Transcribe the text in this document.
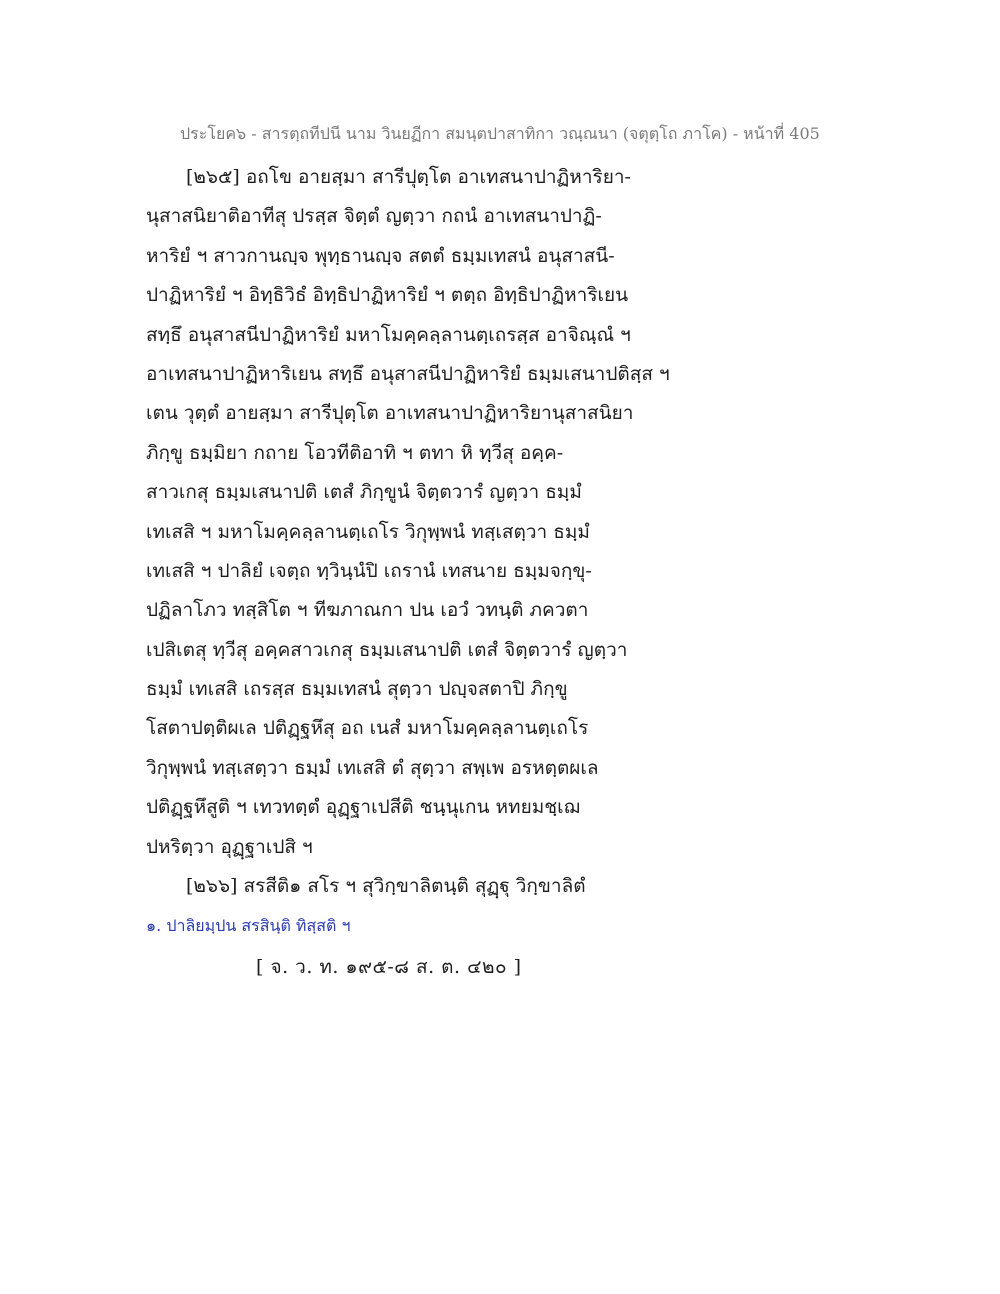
ประโยค๖ - สารตฺถทีปนี นาม วินยฏีกา สมนฺตปาสาทิกา วณฺณนา (จตุตฺโถ ภาโค) - หน้าที่ 405
[๒๖๕] อถโข อายสฺมา สารีปุตฺโต อาเทสนาปาฏิหาริยา-
นุสาสนิยาติอาทีสุ ปรสฺส จิตฺตํ ญตฺวา กถนํ อาเทสนาปาฏิ-
หาริยํ ฯ สาวกานญฺจ พุทฺธานญฺจ สตตํ ธมฺมเทสนํ อนุสาสนี-
ปาฏิหาริยํ ฯ อิทฺธิวิธํ อิทฺธิปาฏิหาริยํ ฯ ตตฺถ อิทฺธิปาฏิหาริเยน
สทฺธึ อนุสาสนีปาฏิหาริยํ มหาโมคฺคลฺลานตฺเถรสฺส อาจิณฺณํ ฯ
อาเทสนาปาฏิหาริเยน สทฺธึ อนุสาสนีปาฏิหาริยํ ธมฺมเสนาปติสฺส ฯ
เตน วุตฺตํ อายสฺมา สารีปุตฺโต อาเทสนาปาฏิหาริยานุสาสนิยา
ภิกฺขู ธมฺมิยา กถาย โอวทีติอาทิ ฯ ตทา หิ ทฺวีสุ อคฺค-
สาวเกสุ ธมฺมเสนาปติ เตสํ ภิกฺขูนํ จิตฺตวารํ ญตฺวา ธมฺมํ
เทเสสิ ฯ มหาโมคฺคลฺลานตฺเถโร วิกุพฺพนํ ทสฺเสตฺวา ธมฺมํ
เทเสสิ ฯ ปาลิยํ เจตฺถ ทฺวินฺนํปิ เถรานํ เทสนาย ธมฺมจกฺขุ-
ปฏิลาโภว ทสฺสิโต ฯ ทีฆภาณกา ปน เอวํ วทนฺติ ภควตา
เปสิเตสุ ทฺวีสุ อคฺคสาวเกสุ ธมฺมเสนาปติ เตสํ จิตฺตวารํ ญตฺวา
ธมฺมํ เทเสสิ เถรสฺส ธมฺมเทสนํ สุตฺวา ปญฺจสตาปิ ภิกฺขู
โสตาปตฺติผเล ปติฏฺฐหึสุ อถ เนสํ มหาโมคฺคลฺลานตฺเถโร
วิกุพฺพนํ ทสฺเสตฺวา ธมฺมํ เทเสสิ ตํ สุตฺวา สพฺเพ อรหตฺตผเล
ปติฏฺฐหึสูติ ฯ เทวทตฺตํ อุฏฺฐาเปสีติ ชนฺนุเกน หทยมชฺเฌ
ปหริตฺวา อุฏฺฐาเปสิ ฯ
[๒๖๖] สรสีติ๑ สโร ฯ สุวิกฺขาลิตนฺติ สุฏฺฐุ วิกฺขาลิตํ
๑. ปาลิยมฺปน สรสินฺติ ทิสฺสติ ฯ
[ จ. ว. ท. ๑๙๕-๘ ส. ต. ๔๒๐ ]
